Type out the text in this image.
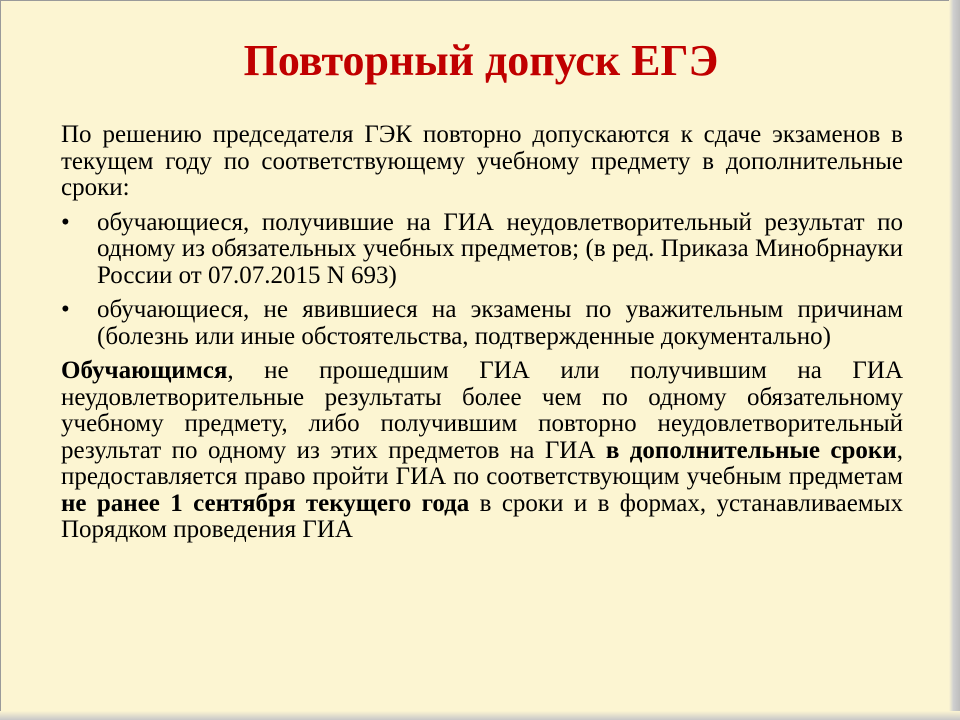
Повторный допуск ЕГЭ

По решению председателя ГЭК повторно допускаются к сдаче экзаменов в текущем году по соответствующему учебному предмету в дополнительные сроки:

• обучающиеся, получившие на ГИА неудовлетворительный результат по одному из обязательных учебных предметов; (в ред. Приказа Минобрнауки России от 07.07.2015 N 693)
• обучающиеся, не явившиеся на экзамены по уважительным причинам (болезнь или иные обстоятельства, подтвержденные документально)

Обучающимся, не прошедшим ГИА или получившим на ГИА неудовлетворительные результаты более чем по одному обязательному учебному предмету, либо получившим повторно неудовлетворительный результат по одному из этих предметов на ГИА в дополнительные сроки, предоставляется право пройти ГИА по соответствующим учебным предметам не ранее 1 сентября текущего года в сроки и в формах, устанавливаемых Порядком проведения ГИА
